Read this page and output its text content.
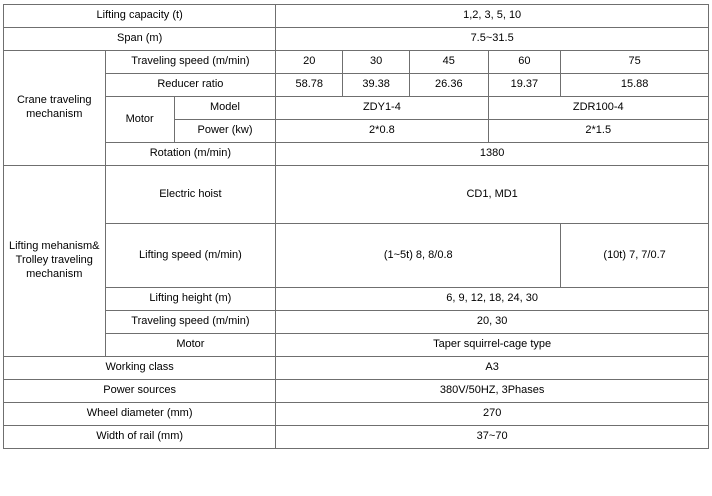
Lifting capacity (t)			1,2, 3, 5, 10				
Span (m)			7.5~31.5				
Crane traveling mechanism	Traveling speed (m/min)		20	30	45	60	75
	Reducer ratio		58.78	39.38	26.36	19.37	15.88
	Motor	Model	ZDY1-4			ZDR100-4	
		Power (kw)	2*0.8			2*1.5	
	Rotation (m/min)		1380				
Lifting mehanism& Trolley traveling mechanism	Electric hoist		CD1, MD1				
	Lifting speed (m/min)		(1~5t) 8, 8/0.8				(10t) 7, 7/0.7
	Lifting height (m)		6, 9, 12, 18, 24, 30				
	Traveling speed (m/min)		20, 30				
	Motor		Taper squirrel-cage type				
Working class			A3				
Power sources			380V/50HZ, 3Phases				
Wheel diameter (mm)			270				
Width of rail (mm)			37~70				
